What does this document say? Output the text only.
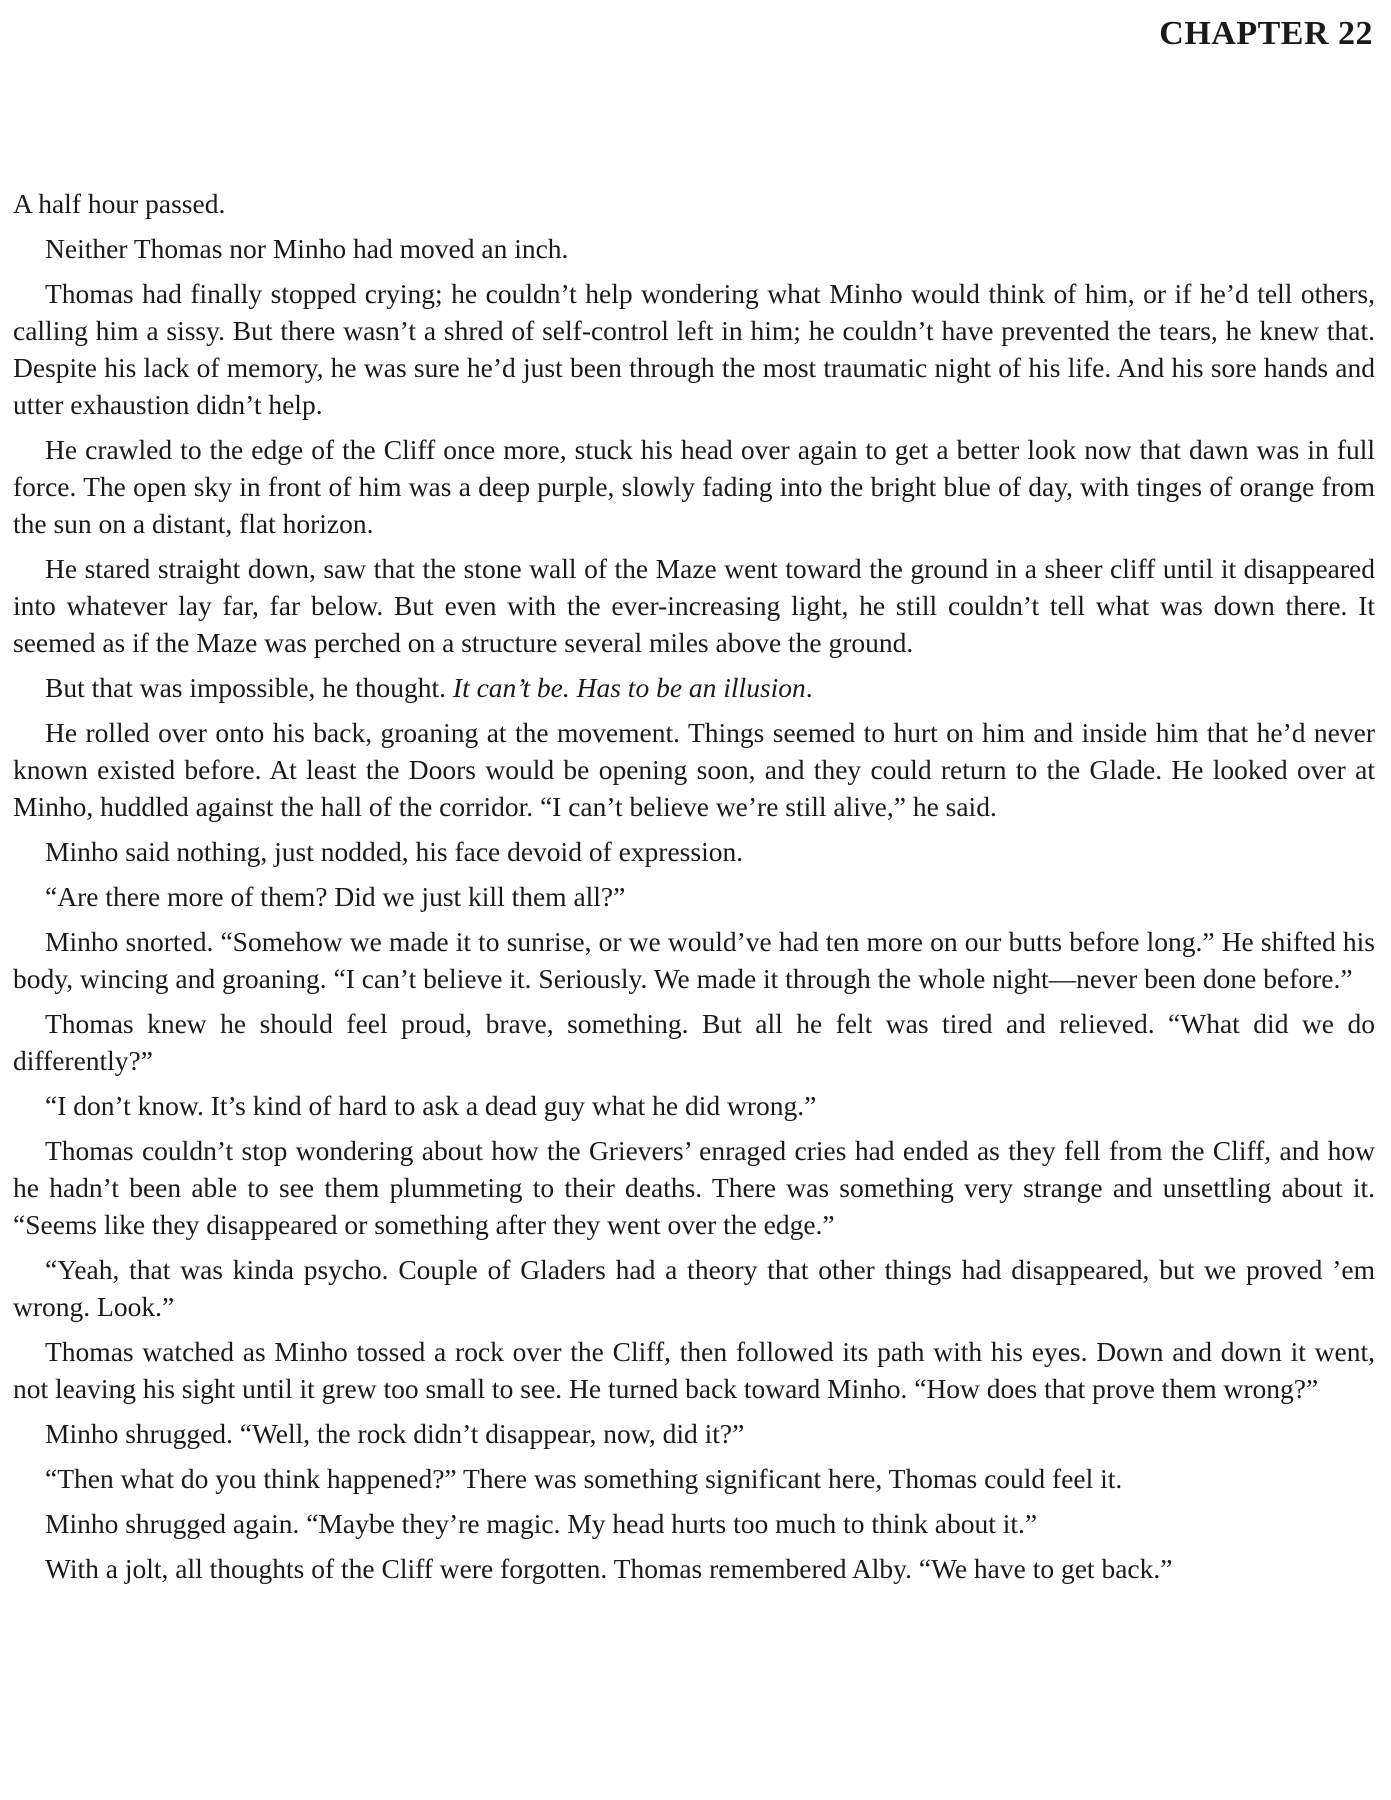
CHAPTER 22

A half hour passed.

Neither Thomas nor Minho had moved an inch.

Thomas had finally stopped crying; he couldn’t help wondering what Minho would think of him, or if he’d tell others, calling him a sissy. But there wasn’t a shred of self-control left in him; he couldn’t have prevented the tears, he knew that. Despite his lack of memory, he was sure he’d just been through the most traumatic night of his life. And his sore hands and utter exhaustion didn’t help.

He crawled to the edge of the Cliff once more, stuck his head over again to get a better look now that dawn was in full force. The open sky in front of him was a deep purple, slowly fading into the bright blue of day, with tinges of orange from the sun on a distant, flat horizon.

He stared straight down, saw that the stone wall of the Maze went toward the ground in a sheer cliff until it disappeared into whatever lay far, far below. But even with the ever-increasing light, he still couldn’t tell what was down there. It seemed as if the Maze was perched on a structure several miles above the ground.

But that was impossible, he thought. It can’t be. Has to be an illusion.

He rolled over onto his back, groaning at the movement. Things seemed to hurt on him and inside him that he’d never known existed before. At least the Doors would be opening soon, and they could return to the Glade. He looked over at Minho, huddled against the hall of the corridor. “I can’t believe we’re still alive,” he said.

Minho said nothing, just nodded, his face devoid of expression.

“Are there more of them? Did we just kill them all?”

Minho snorted. “Somehow we made it to sunrise, or we would’ve had ten more on our butts before long.” He shifted his body, wincing and groaning. “I can’t believe it. Seriously. We made it through the whole night—never been done before.”

Thomas knew he should feel proud, brave, something. But all he felt was tired and relieved. “What did we do differently?”

“I don’t know. It’s kind of hard to ask a dead guy what he did wrong.”

Thomas couldn’t stop wondering about how the Grievers’ enraged cries had ended as they fell from the Cliff, and how he hadn’t been able to see them plummeting to their deaths. There was something very strange and unsettling about it. “Seems like they disappeared or something after they went over the edge.”

“Yeah, that was kinda psycho. Couple of Gladers had a theory that other things had disappeared, but we proved ’em wrong. Look.”

Thomas watched as Minho tossed a rock over the Cliff, then followed its path with his eyes. Down and down it went, not leaving his sight until it grew too small to see. He turned back toward Minho. “How does that prove them wrong?”

Minho shrugged. “Well, the rock didn’t disappear, now, did it?”

“Then what do you think happened?” There was something significant here, Thomas could feel it.

Minho shrugged again. “Maybe they’re magic. My head hurts too much to think about it.”

With a jolt, all thoughts of the Cliff were forgotten. Thomas remembered Alby. “We have to get back.”
